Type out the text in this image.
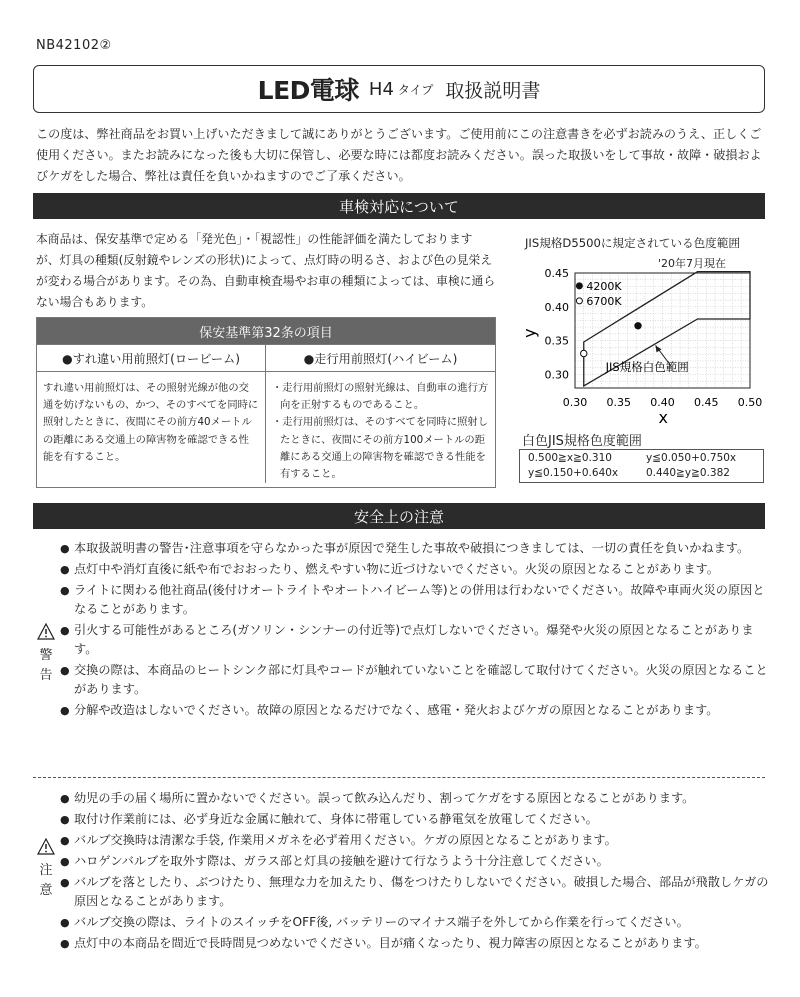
NB42102②
LED電球 H4 タイプ 取扱説明書
この度は、弊社商品をお買い上げいただきまして誠にありがとうございます。ご使用前にこの注意書きを必ずお読みのうえ、正しくご使用ください。またお読みになった後も大切に保管し、必要な時には都度お読みください。誤った取扱いをして事故・故障・破損およびケガをした場合、弊社は責任を負いかねますのでご了承ください。
車検対応について
本商品は、保安基準で定める「発光色」・「視認性」の性能評価を満たしておりますが、灯具の種類(反射鏡やレンズの形状)によって、点灯時の明るさ、および色の見栄えが変わる場合があります。その為、自動車検査場やお車の種類によっては、車検に通らない場合もあります。
保安基準第32条の項目
●すれ違い用前照灯(ロービーム)
すれ違い用前照灯は、その照射光線が他の交通を妨げないもの、かつ、そのすべてを同時に照射したときに、夜間にその前方40メートルの距離にある交通上の障害物を確認できる性能を有すること。
●走行用前照灯(ハイビーム)
・走行用前照灯の照射光線は、自動車の進行方向を正射するものであること。
・走行用前照灯は、そのすべてを同時に照射したときに、夜間にその前方100メートルの距離にある交通上の障害物を確認できる性能を有すること。
JIS規格D5500に規定されている色度範囲
'20年7月現在
0.30 0.35 0.40 0.45 0.50
0.45
0.40
0.35
0.30
x
y
4200K
6700K
JIS規格白色範囲
白色JIS規格色度範囲
0.500≧x≧0.310	y≦0.050+0.750x
y≦0.150+0.640x	0.440≧y≧0.382
安全上の注意
警
告
● 本取扱説明書の警告･注意事項を守らなかった事が原因で発生した事故や破損につきましては、一切の責任を負いかねます。
● 点灯中や消灯直後に紙や布でおおったり、燃えやすい物に近づけないでください。火災の原因となることがあります。
● ライトに関わる他社商品(後付けオートライトやオートハイビーム等)との併用は行わないでください。故障や車両火災の原因となることがあります。
● 引火する可能性があるところ(ガソリン・シンナーの付近等)で点灯しないでください。爆発や火災の原因となることがあります。
● 交換の際は、本商品のヒートシンク部に灯具やコードが触れていないことを確認して取付けてください。火災の原因となることがあります。
● 分解や改造はしないでください。故障の原因となるだけでなく、感電・発火およびケガの原因となることがあります。
注
意
● 幼児の手の届く場所に置かないでください。誤って飲み込んだり、割ってケガをする原因となることがあります。
● 取付け作業前には、必ず身近な金属に触れて、身体に帯電している静電気を放電してください。
● バルブ交換時は清潔な手袋, 作業用メガネを必ず着用ください。ケガの原因となることがあります。
● ハロゲンバルブを取外す際は、ガラス部と灯具の接触を避けて行なうよう十分注意してください。
● バルブを落としたり、ぶつけたり、無理な力を加えたり、傷をつけたりしないでください。破損した場合、部品が飛散しケガの原因となることがあります。
● バルブ交換の際は、ライトのスイッチをOFF後, バッテリーのマイナス端子を外してから作業を行ってください。
● 点灯中の本商品を間近で長時間見つめないでください。目が痛くなったり、視力障害の原因となることがあります。
